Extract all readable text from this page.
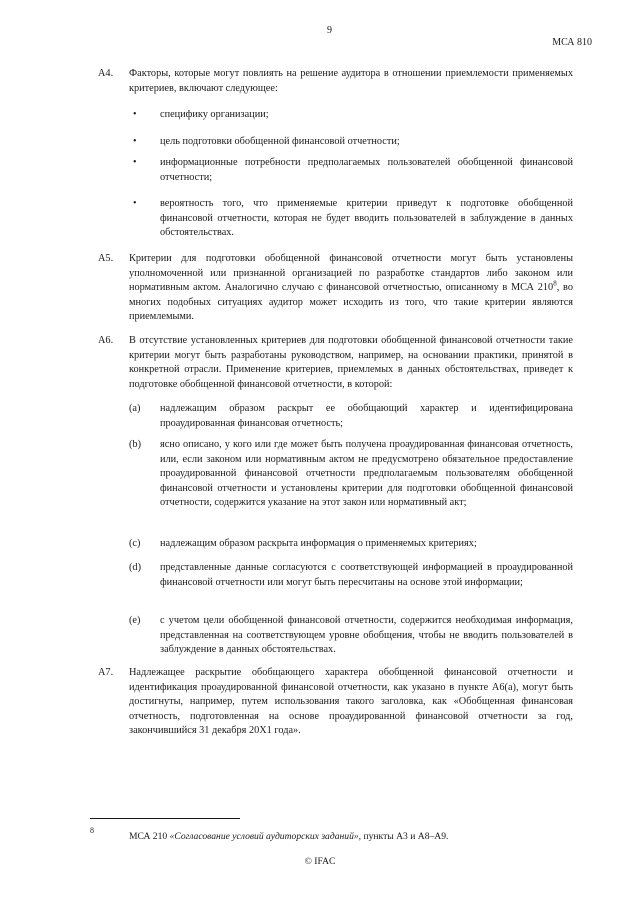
9
МСА 810
A4. Факторы, которые могут повлиять на решение аудитора в отношении приемлемости применяемых критериев, включают следующее:

• специфику организации;

• цель подготовки обобщенной финансовой отчетности;

• информационные потребности предполагаемых пользователей обобщенной финансовой отчетности;

• вероятность того, что применяемые критерии приведут к подготовке обобщенной финансовой отчетности, которая не будет вводить пользователей в заблуждение в данных обстоятельствах.

A5. Критерии для подготовки обобщенной финансовой отчетности могут быть установлены уполномоченной или признанной организацией по разработке стандартов либо законом или нормативным актом. Аналогично случаю с финансовой отчетностью, описанному в МСА $210^8$, во многих подобных ситуациях аудитор может исходить из того, что такие критерии являются приемлемыми.

A6. В отсутствие установленных критериев для подготовки обобщенной финансовой отчетности такие критерии могут быть разработаны руководством, например, на основании практики, принятой в конкретной отрасли. Применение критериев, приемлемых в данных обстоятельствах, приведет к подготовке обобщенной финансовой отчетности, в которой:

(a) надлежащим образом раскрыт ее обобщающий характер и идентифицирована проаудированная финансовая отчетность;

(b) ясно описано, у кого или где может быть получена проаудированная финансовая отчетность, или, если законом или нормативным актом не предусмотрено обязательное предоставление проаудированной финансовой отчетности предполагаемым пользователям обобщенной финансовой отчетности и установлены критерии для подготовки обобщенной финансовой отчетности, содержится указание на этот закон или нормативный акт;

(c) надлежащим образом раскрыта информация о применяемых критериях;

(d) представленные данные согласуются с соответствующей информацией в проаудированной финансовой отчетности или могут быть пересчитаны на основе этой информации;

(e) с учетом цели обобщенной финансовой отчетности, содержится необходимая информация, представленная на соответствующем уровне обобщения, чтобы не вводить пользователей в заблуждение в данных обстоятельствах.

A7. Надлежащее раскрытие обобщающего характера обобщенной финансовой отчетности и идентификация проаудированной финансовой отчетности, как указано в пункте A6(a), могут быть достигнуты, например, путем использования такого заголовка, как «Обобщенная финансовая отчетность, подготовленная на основе проаудированной финансовой отчетности за год, закончившийся 31 декабря 20X1 года».

8
МСА 210 «Согласование условий аудиторских заданий», пункты A3 и A8–A9.
© IFAC
